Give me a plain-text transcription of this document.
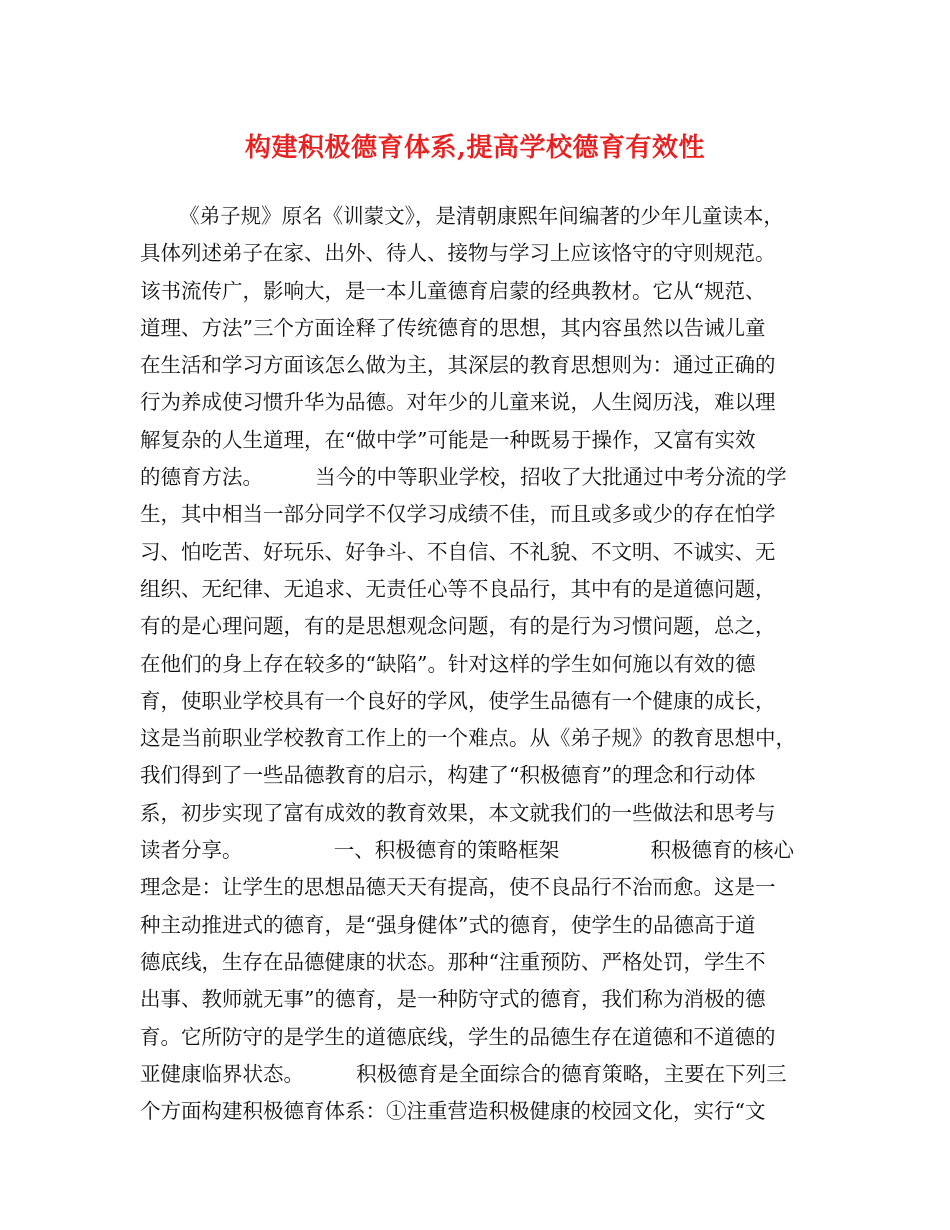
构建积极德育体系,提高学校德育有效性
《弟子规》原名《训蒙文》，是清朝康熙年间编著的少年儿童读本，
具体列述弟子在家、出外、待人、接物与学习上应该恪守的守则规范。
该书流传广，影响大，是一本儿童德育启蒙的经典教材。它从“规范、
道理、方法”三个方面诠释了传统德育的思想，其内容虽然以告诫儿童
在生活和学习方面该怎么做为主，其深层的教育思想则为：通过正确的
行为养成使习惯升华为品德。对年少的儿童来说，人生阅历浅，难以理
解复杂的人生道理，在“做中学”可能是一种既易于操作，又富有实效
的德育方法。        当今的中等职业学校，招收了大批通过中考分流的学
生，其中相当一部分同学不仅学习成绩不佳，而且或多或少的存在怕学
习、怕吃苦、好玩乐、好争斗、不自信、不礼貌、不文明、不诚实、无
组织、无纪律、无追求、无责任心等不良品行，其中有的是道德问题，
有的是心理问题，有的是思想观念问题，有的是行为习惯问题，总之，
在他们的身上存在较多的“缺陷”。针对这样的学生如何施以有效的德
育，使职业学校具有一个良好的学风，使学生品德有一个健康的成长，
这是当前职业学校教育工作上的一个难点。从《弟子规》的教育思想中，
我们得到了一些品德教育的启示，构建了“积极德育”的理念和行动体
系，初步实现了富有成效的教育效果，本文就我们的一些做法和思考与
读者分享。              一、积极德育的策略框架              积极德育的核心
理念是：让学生的思想品德天天有提高，使不良品行不治而愈。这是一
种主动推进式的德育，是“强身健体”式的德育，使学生的品德高于道
德底线，生存在品德健康的状态。那种“注重预防、严格处罚，学生不
出事、教师就无事”的德育，是一种防守式的德育，我们称为消极的德
育。它所防守的是学生的道德底线，学生的品德生存在道德和不道德的
亚健康临界状态。        积极德育是全面综合的德育策略，主要在下列三
个方面构建积极德育体系：①注重营造积极健康的校园文化，实行“文
